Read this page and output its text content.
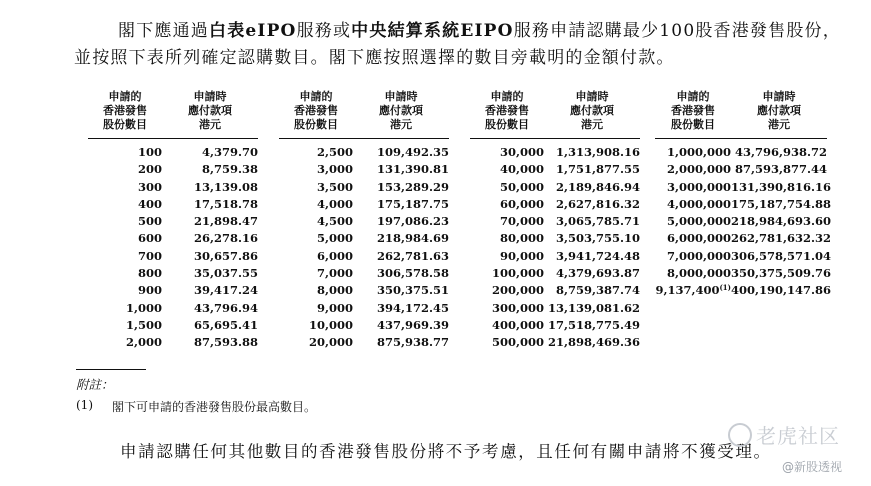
閣下應通過白表eIPO服務或中央結算系統EIPO服務申請認購最少100股香港發售股份，

並按照下表所列確定認購數目。閣下應按照選擇的數目旁載明的金額付款。

申請的
香港發售
股份數目
申請時
應付款項
港元
100	4,379.70
200	8,759.38
300	13,139.08
400	17,518.78
500	21,898.47
600	26,278.16
700	30,657.86
800	35,037.55
900	39,417.24
1,000	43,796.94
1,500	65,695.41
2,000	87,593.88
申請的
香港發售
股份數目
申請時
應付款項
港元
2,500	109,492.35
3,000	131,390.81
3,500	153,289.29
4,000	175,187.75
4,500	197,086.23
5,000	218,984.69
6,000	262,781.63
7,000	306,578.58
8,000	350,375.51
9,000	394,172.45
10,000	437,969.39
20,000	875,938.77
申請的
香港發售
股份數目
申請時
應付款項
港元
30,000	1,313,908.16
40,000	1,751,877.55
50,000	2,189,846.94
60,000	2,627,816.32
70,000	3,065,785.71
80,000	3,503,755.10
90,000	3,941,724.48
100,000	4,379,693.87
200,000	8,759,387.74
300,000 13,139,081.62
400,000 17,518,775.49
500,000 21,898,469.36
申請的
香港發售
股份數目
申請時
應付款項
港元
1,000,000 43,796,938.72
2,000,000 87,593,877.44
3,000,000 131,390,816.16
4,000,000 175,187,754.88
5,000,000 218,984,693.60
6,000,000 262,781,632.32
7,000,000 306,578,571.04
8,000,000 350,375,509.76
9,137,400$^{(1)}$ 400,190,147.86
附註：
(1)	閣下可申請的香港發售股份最高數目。
申請認購任何其他數目的香港發售股份將不予考慮，且任何有關申請將不獲受理。
老虎社区
@新股透视
